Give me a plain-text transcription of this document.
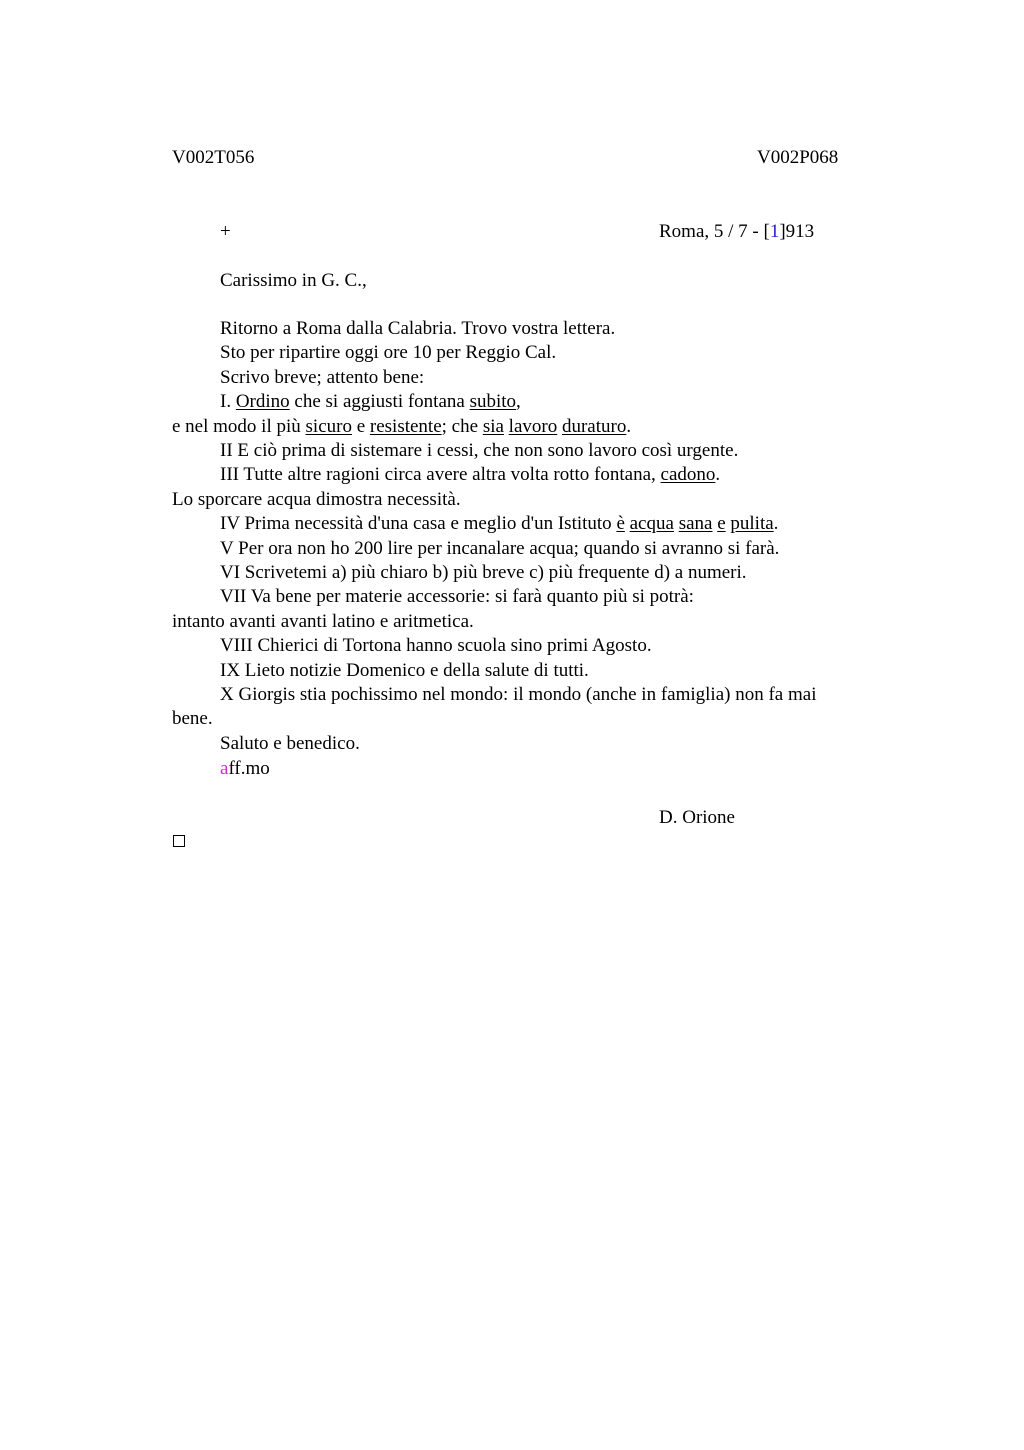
V002T056	V002P068
+	Roma, 5 / 7 - [1]913
Carissimo in G. C.,
Ritorno a Roma dalla Calabria. Trovo vostra lettera.
Sto per ripartire oggi ore 10 per Reggio Cal.
Scrivo breve; attento bene:
I. Ordino che si aggiusti fontana subito,
e nel modo il più sicuro e resistente; che sia lavoro duraturo.
II E ciò prima di sistemare i cessi, che non sono lavoro così urgente.
III Tutte altre ragioni circa avere altra volta rotto fontana, cadono.
Lo sporcare acqua dimostra necessità.
IV Prima necessità d'una casa e meglio d'un Istituto è acqua sana e pulita.
V Per ora non ho 200 lire per incanalare acqua; quando si avranno si farà.
VI Scrivetemi a) più chiaro b) più breve c) più frequente d) a numeri.
VII Va bene per materie accessorie: si farà quanto più si potrà:
intanto avanti avanti latino e aritmetica.
VIII Chierici di Tortona hanno scuola sino primi Agosto.
IX Lieto notizie Domenico e della salute di tutti.
X Giorgis stia pochissimo nel mondo: il mondo (anche in famiglia) non fa mai
bene.
Saluto e benedico.
aff.mo
D. Orione
